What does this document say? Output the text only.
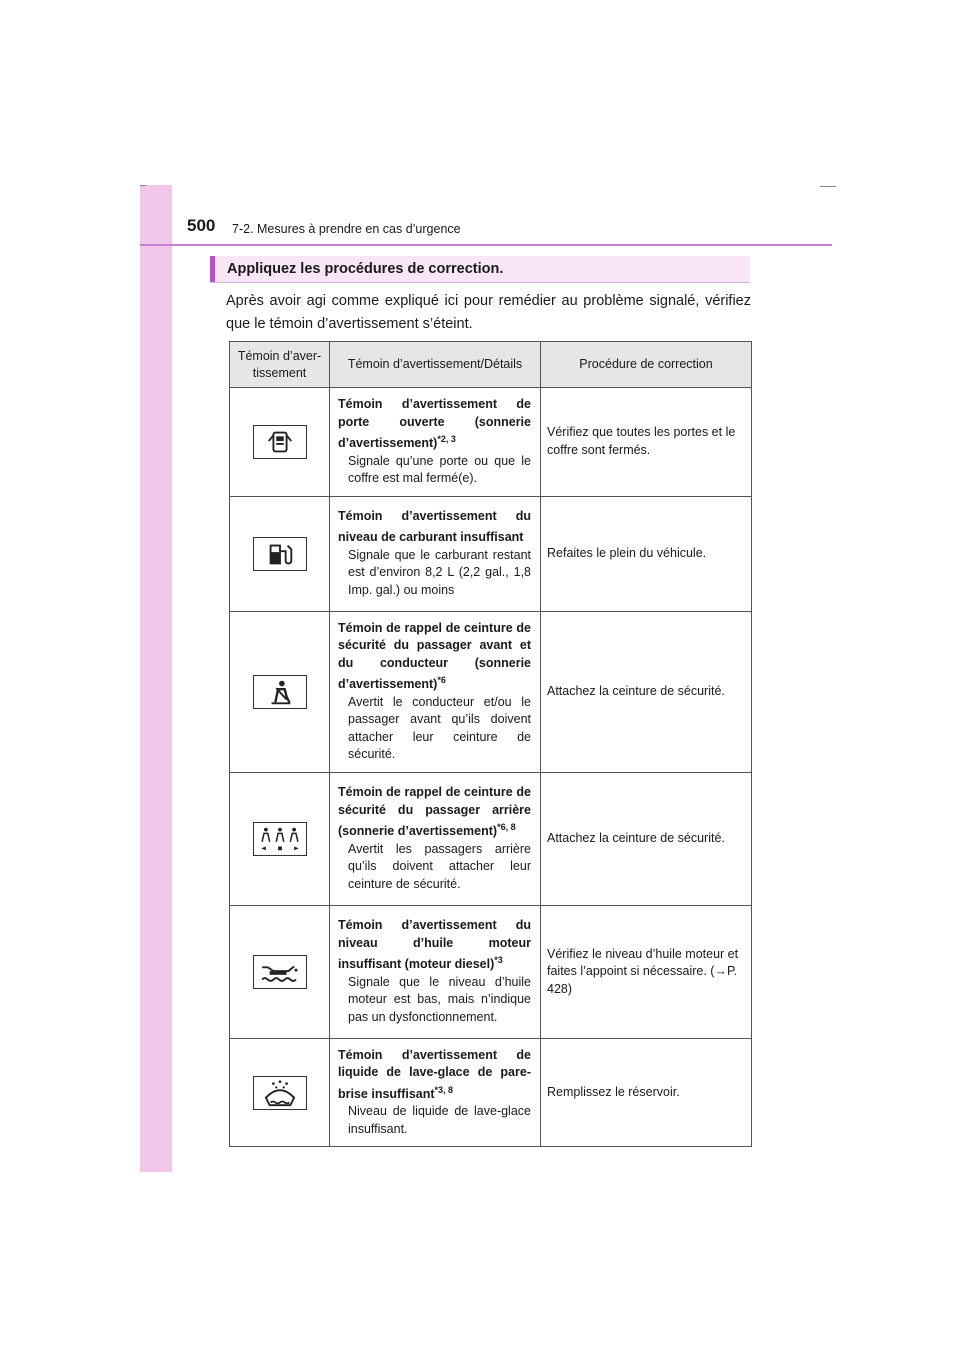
500 7-2. Mesures à prendre en cas d’urgence
Appliquez les procédures de correction.
Après avoir agi comme expliqué ici pour remédier au problème signalé, vérifiez que le témoin d’avertissement s’éteint.
Témoin d’aver-tissement	Témoin d’avertissement/Détails	Procédure de correction

Témoin d’avertissement de porte ouverte (sonnerie d’avertissement)$^{*2, 3}$
Signale qu’une porte ou que le coffre est mal fermé(e).	Vérifiez que toutes les portes et le coffre sont fermés.

Témoin d’avertissement du niveau de carburant insuffisant
Signale que le carburant restant est d’environ 8,2 L (2,2 gal., 1,8 Imp. gal.) ou moins	Refaites le plein du véhicule.

Témoin de rappel de ceinture de sécurité du passager avant et du conducteur (sonnerie d’avertissement)$^{*6}$
Avertit le conducteur et/ou le passager avant qu’ils doivent attacher leur ceinture de sécurité.	Attachez la ceinture de sécurité.

Témoin de rappel de ceinture de sécurité du passager arrière (sonnerie d’avertissement)$^{*6, 8}$
Avertit les passagers arrière qu’ils doivent attacher leur ceinture de sécurité.	Attachez la ceinture de sécurité.

Témoin d’avertissement du niveau d’huile moteur insuffisant (moteur diesel)$^{*3}$
Signale que le niveau d’huile moteur est bas, mais n’indique pas un dysfonctionnement.	Vérifiez le niveau d’huile moteur et faites l’appoint si nécessaire. (→P. 428)

Témoin d’avertissement de liquide de lave-glace de pare-brise insuffisant$^{*3, 8}$
Niveau de liquide de lave-glace insuffisant.	Remplissez le réservoir.
